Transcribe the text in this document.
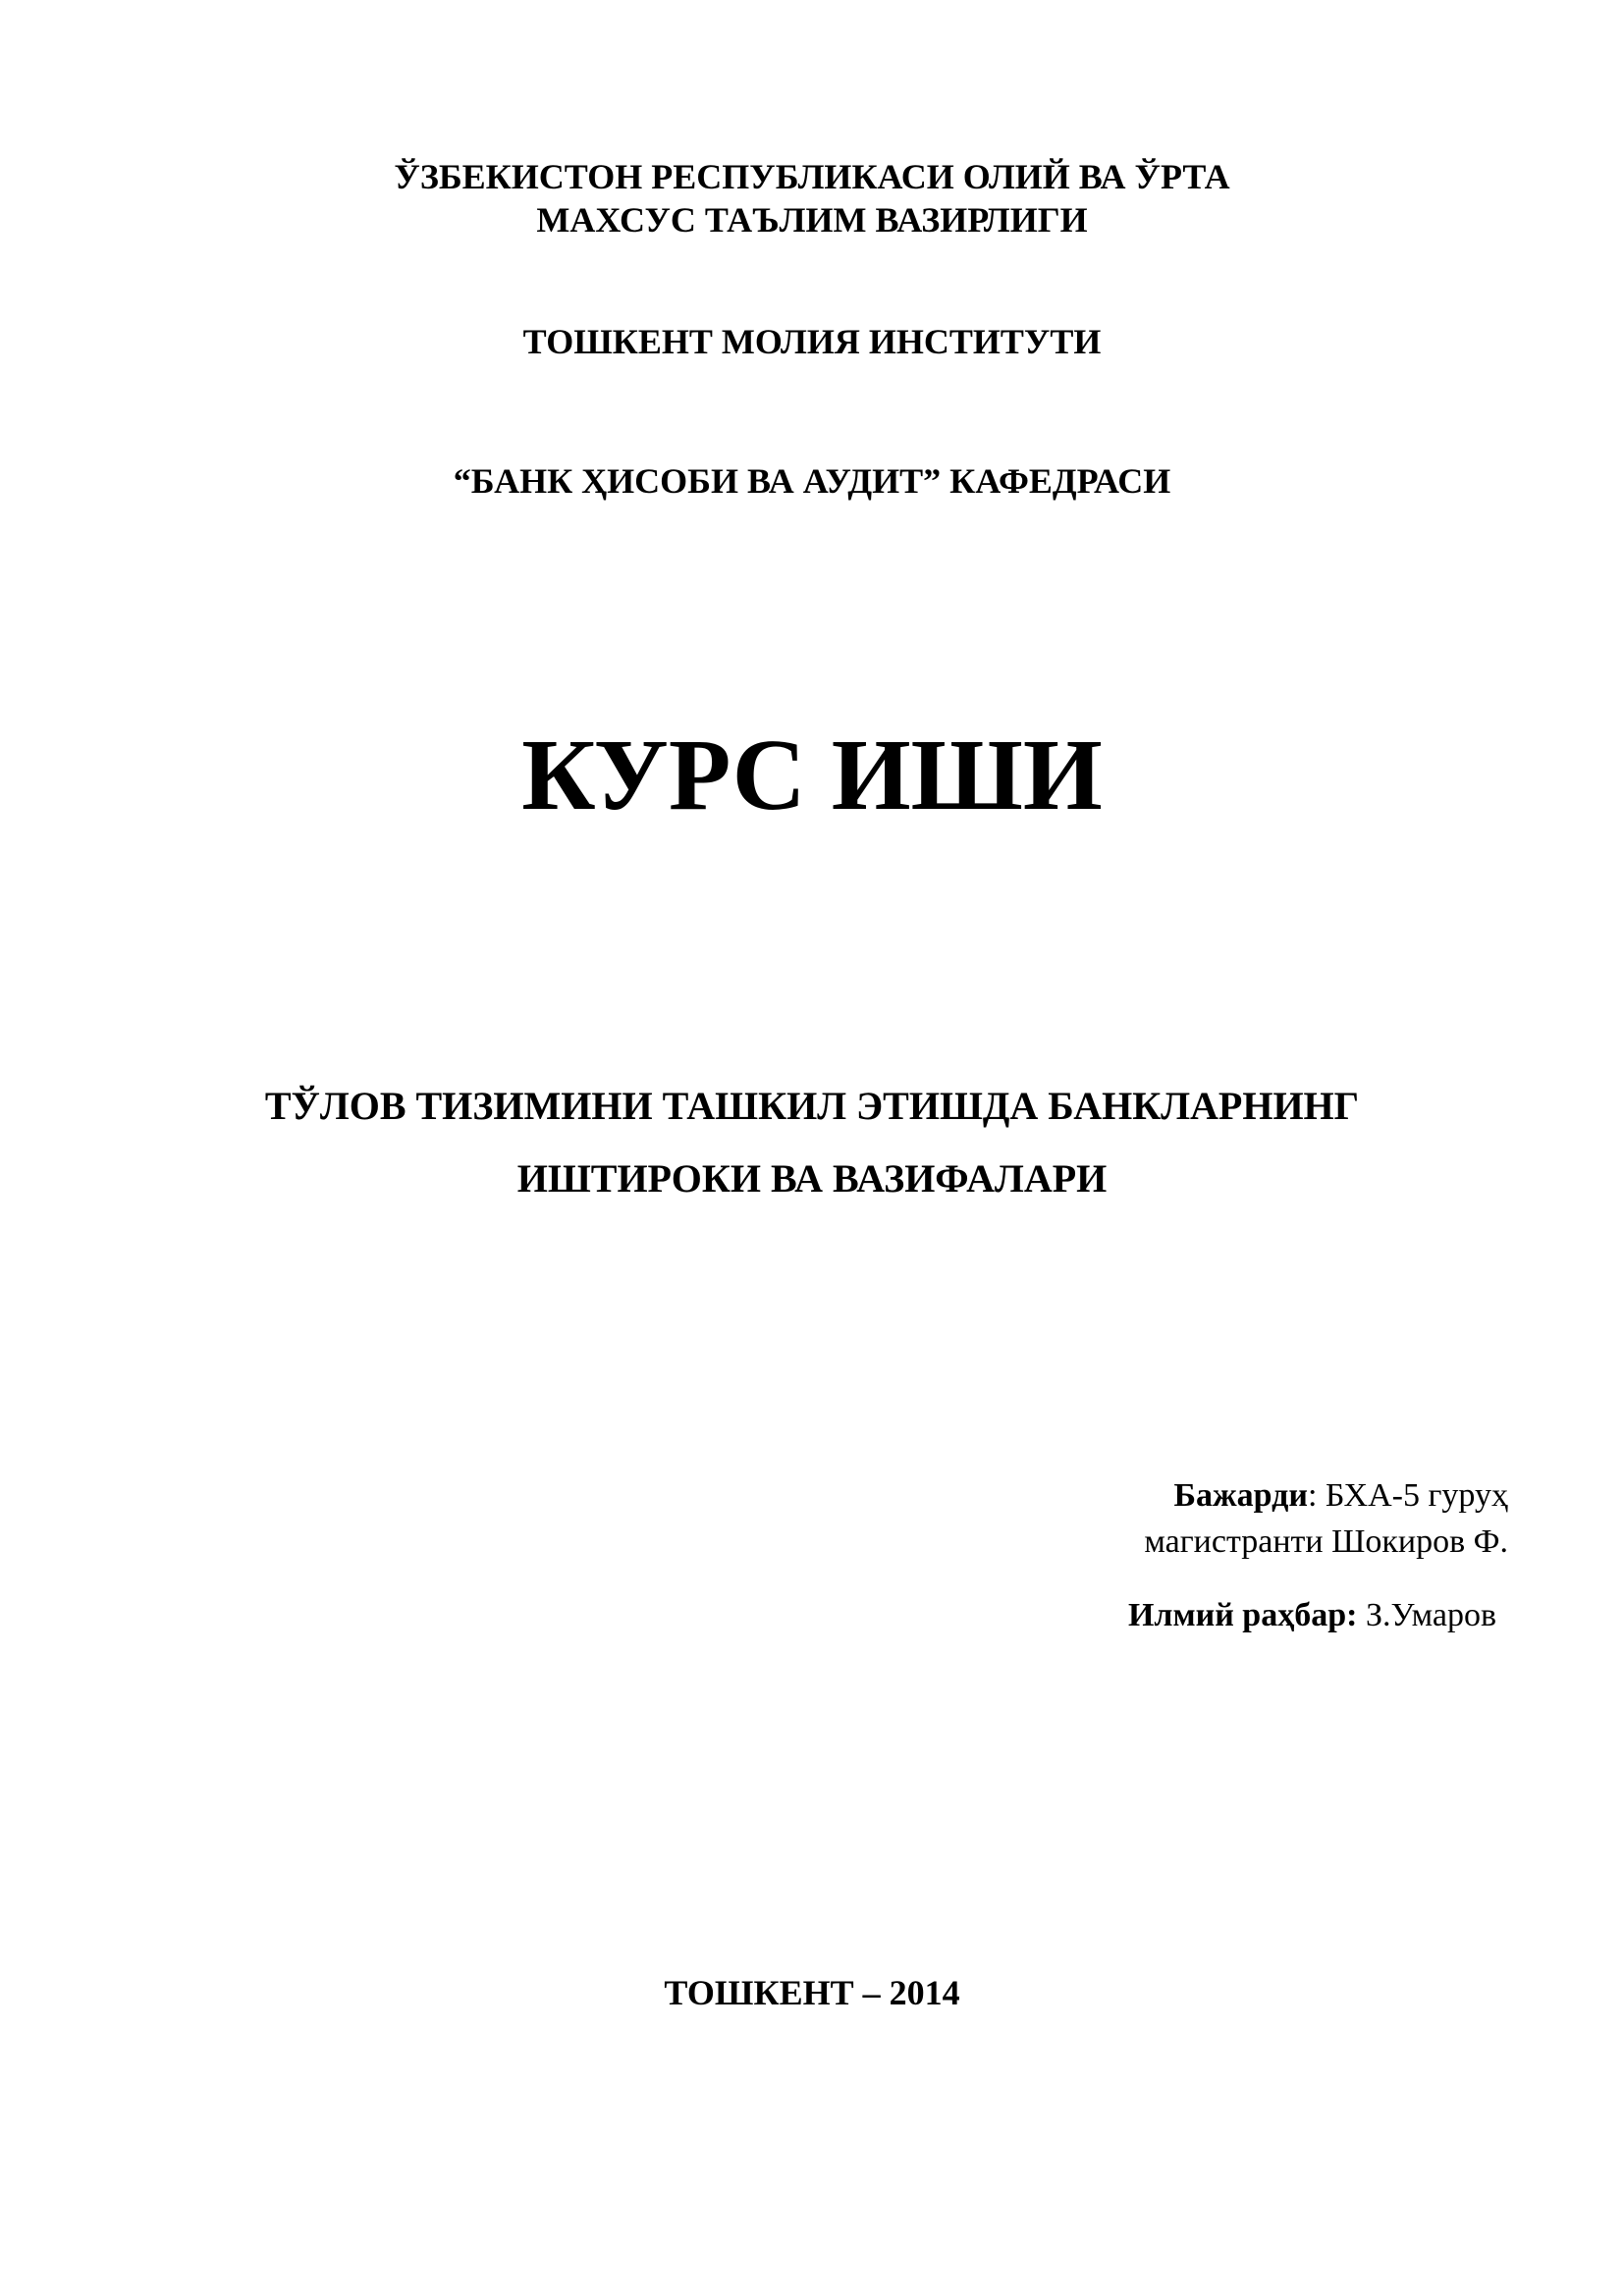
ЎЗБЕКИСТОН РЕСПУБЛИКАСИ ОЛИЙ ВА ЎРТА
МАХСУС ТАЪЛИМ ВАЗИРЛИГИ
ТОШКЕНТ МОЛИЯ ИНСТИТУТИ
“БАНК ҲИСОБИ ВА АУДИТ” КАФЕДРАСИ
КУРС ИШИ
ТЎЛОВ ТИЗИМИНИ ТАШКИЛ ЭТИШДА БАНКЛАРНИНГ
ИШТИРОКИ ВА ВАЗИФАЛАРИ
Бажарди: БХА-5 гуруҳ
магистранти Шокиров Ф.
Илмий раҳбар: З.Умаров
ТОШКЕНТ – 2014
